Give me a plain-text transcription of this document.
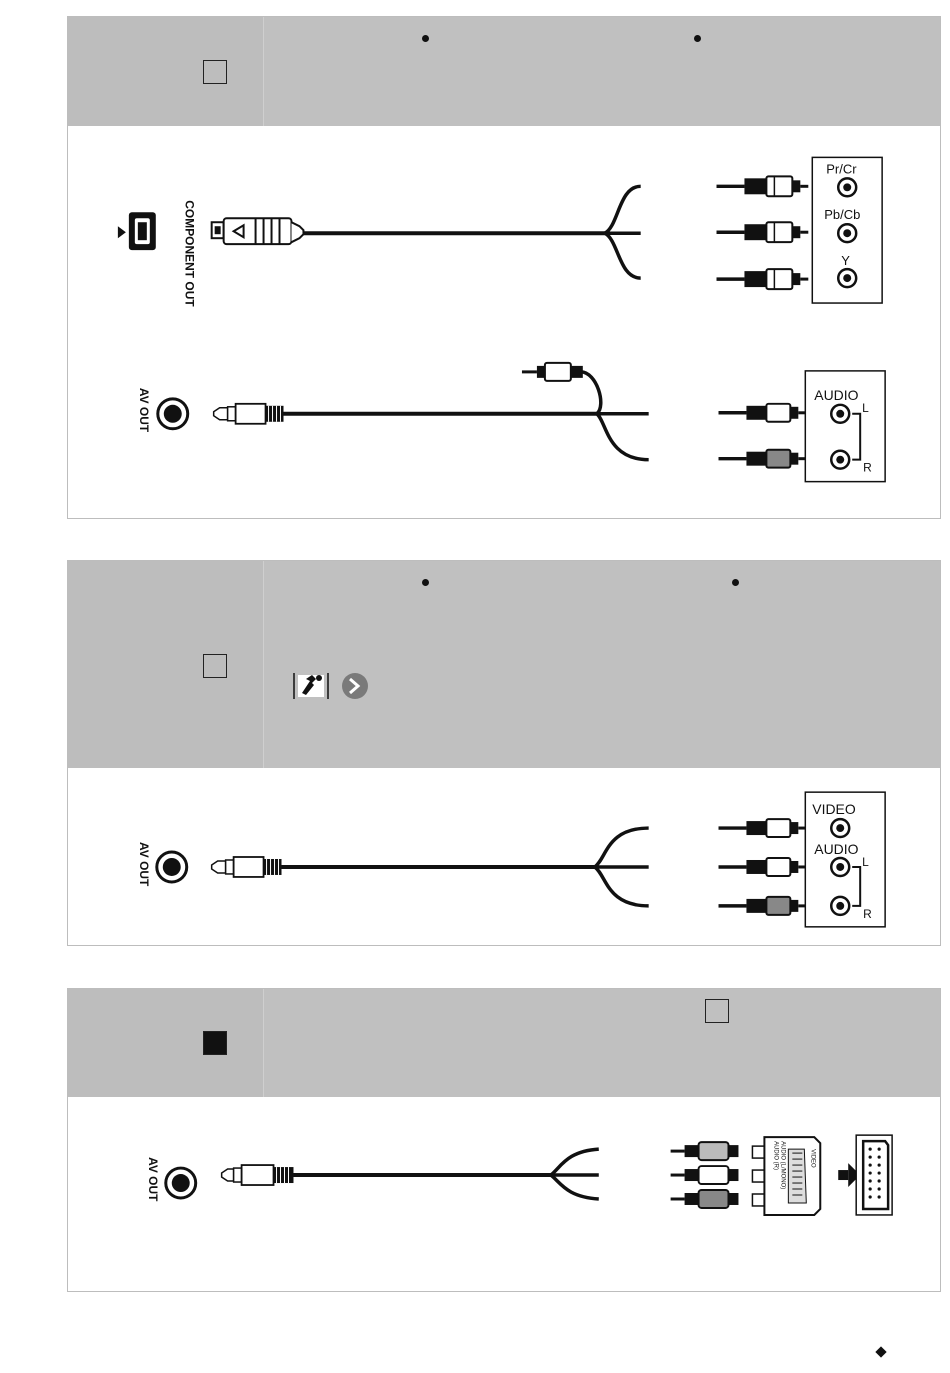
COMPONENT OUT
Pr/Cr
Pb/Cb
Y
AV OUT	AUDIO
L
R
AV OUT
VIDEO
AUDIO
L
R
AV OUT
AUDIO (R) AUDIO (L/MONO)	VIDEO
